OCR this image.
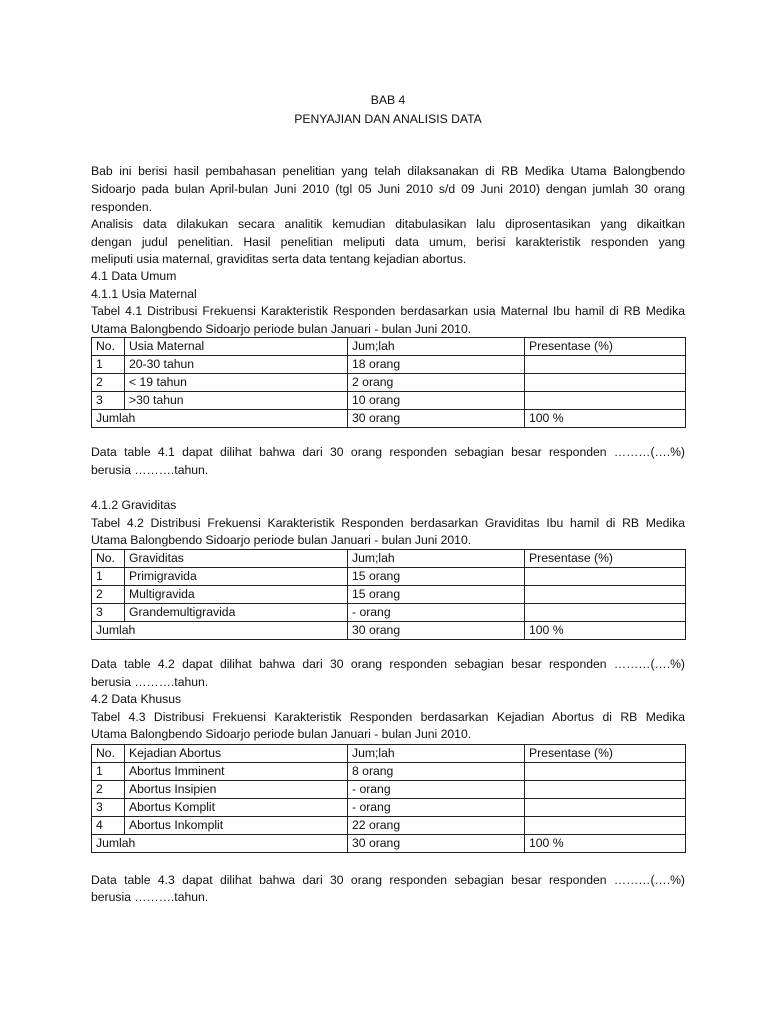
BAB 4
PENYAJIAN DAN ANALISIS DATA
Bab ini berisi hasil pembahasan penelitian yang telah dilaksanakan di RB Medika Utama Balongbendo
Sidoarjo pada bulan April-bulan Juni 2010 (tgl 05 Juni 2010 s/d 09 Juni 2010) dengan jumlah 30 orang
responden.
Analisis data dilakukan secara analitik kemudian ditabulasikan lalu diprosentasikan yang dikaitkan
dengan judul penelitian. Hasil penelitian meliputi data umum, berisi karakteristik responden yang
meliputi usia maternal, graviditas serta data tentang kejadian abortus.
4.1 Data Umum
4.1.1 Usia Maternal
Tabel 4.1 Distribusi Frekuensi Karakteristik Responden berdasarkan usia Maternal Ibu hamil di RB Medika
Utama Balongbendo Sidoarjo periode bulan Januari - bulan Juni 2010.
No.	Usia Maternal	Jum;lah	Presentase (%)
1	20-30 tahun	18 orang	
2	< 19 tahun	2 orang	
3	>30 tahun	10 orang	
Jumlah		30 orang	100 %
Data table 4.1 dapat dilihat bahwa dari 30 orang responden sebagian besar responden ………(….%)
berusia ……….tahun.
4.1.2 Graviditas
Tabel 4.2 Distribusi Frekuensi Karakteristik Responden berdasarkan Graviditas Ibu hamil di RB Medika
Utama Balongbendo Sidoarjo periode bulan Januari - bulan Juni 2010.
No.	Graviditas	Jum;lah	Presentase (%)
1	Primigravida	15 orang	
2	Multigravida	15 orang	
3	Grandemultigravida	- orang	
Jumlah		30 orang	100 %
Data table 4.2 dapat dilihat bahwa dari 30 orang responden sebagian besar responden ………(….%)
berusia ……….tahun.
4.2 Data Khusus
Tabel 4.3 Distribusi Frekuensi Karakteristik Responden berdasarkan Kejadian Abortus di RB Medika
Utama Balongbendo Sidoarjo periode bulan Januari - bulan Juni 2010.
No.	Kejadian Abortus	Jum;lah	Presentase (%)
1	Abortus Imminent	8 orang	
2	Abortus Insipien	- orang	
3	Abortus Komplit	- orang	
4	Abortus Inkomplit	22 orang	
Jumlah		30 orang	100 %
Data table 4.3 dapat dilihat bahwa dari 30 orang responden sebagian besar responden ………(….%)
berusia ……….tahun.
